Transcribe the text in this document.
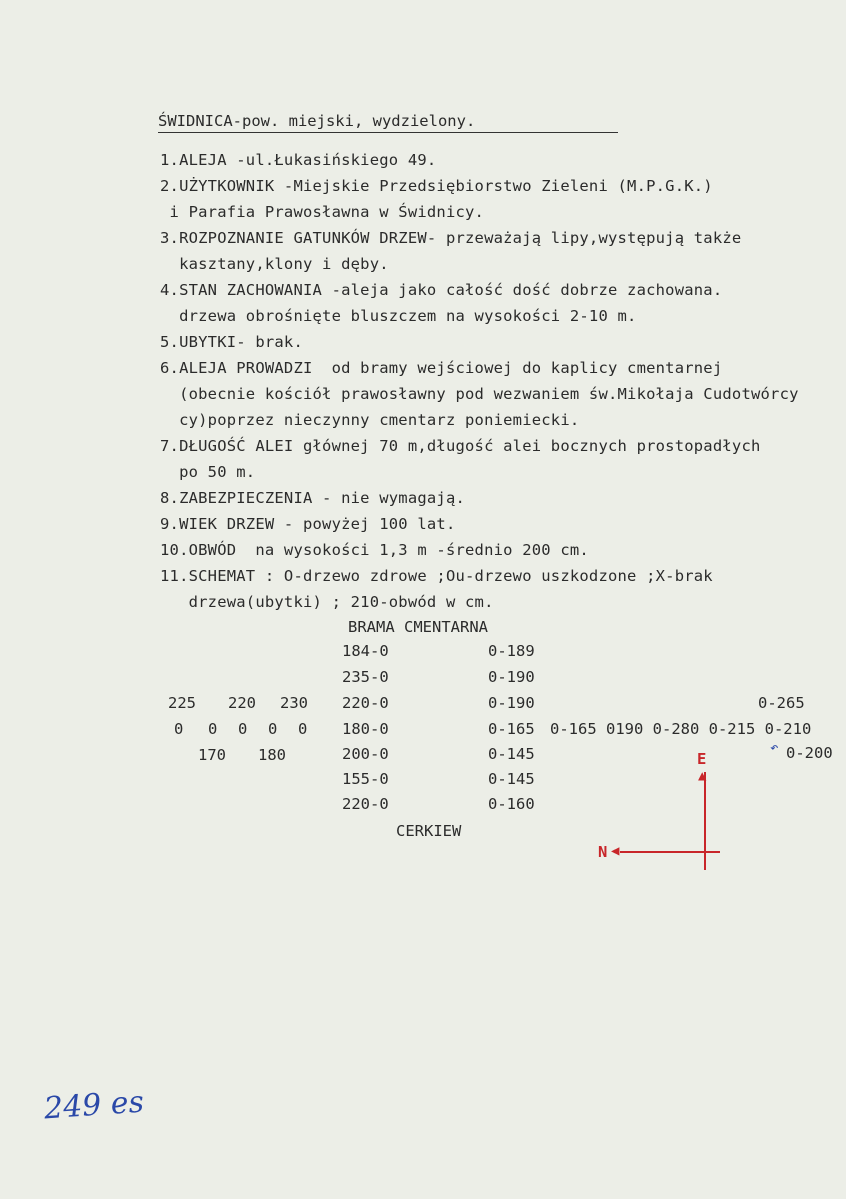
ŚWIDNICA-pow. miejski, wydzielony.
1.ALEJA -ul.Łukasińskiego 49.
2.UŻYTKOWNIK -Miejskie Przedsiębiorstwo Zieleni (M.P.G.K.)
i Parafia Prawosławna w Świdnicy.
3.ROZPOZNANIE GATUNKÓW DRZEW- przeważają lipy,występują także
kasztany,klony i dęby.
4.STAN ZACHOWANIA -aleja jako całość dość dobrze zachowana.
drzewa obrośnięte bluszczem na wysokości 2-10 m.
5.UBYTKI- brak.
6.ALEJA PROWADZI  od bramy wejściowej do kaplicy cmentarnej
(obecnie kościół prawosławny pod wezwaniem św.Mikołaja Cudotwórcy
cy)poprzez nieczynny cmentarz poniemiecki.
7.DŁUGOŚĆ ALEI głównej 70 m,długość alei bocznych prostopadłych
po 50 m.
8.ZABEZPIECZENIA - nie wymagają.
9.WIEK DRZEW - powyżej 100 lat.
10.OBWÓD  na wysokości 1,3 m -średnio 200 cm.
11.SCHEMAT : O-drzewo zdrowe ;Ou-drzewo uszkodzone ;X-brak
drzewa(ubytki) ; 210-obwód w cm.
BRAMA CMENTARNA
184-0
235-0
220-0
180-0
200-0
155-0
220-0
0-189
0-190
0-190
0-165
0-145
0-145
0-160
225 220 230
0 0 0 0 0
170 180
0-165 0190 0-280 0-215 0-210
0-265
0-200
↶
CERKIEW
▲
E
N ◀
249 es
